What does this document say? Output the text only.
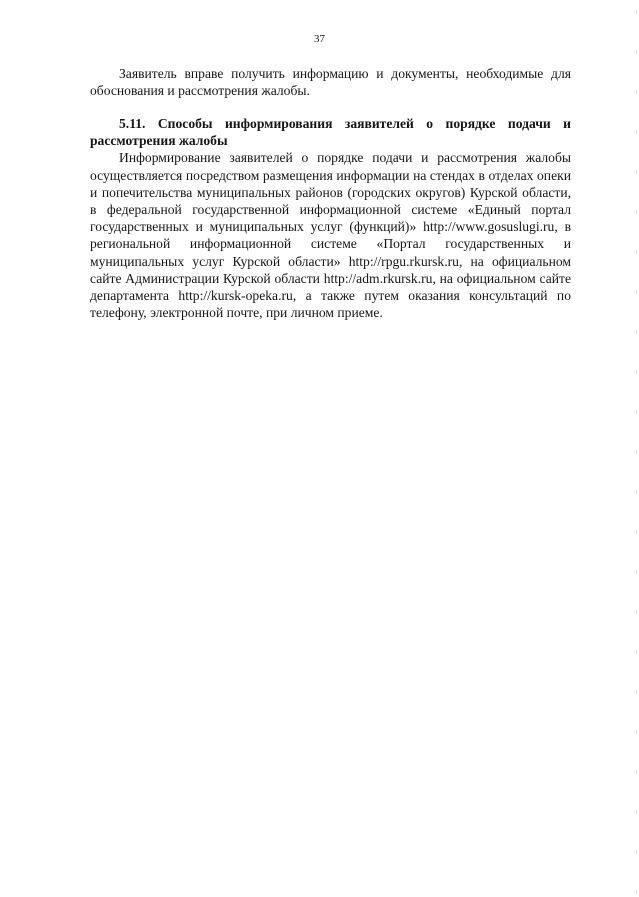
37

Заявитель вправе получить информацию и документы, необходимые для обоснования и рассмотрения жалобы.

5.11. Способы информирования заявителей о порядке подачи и рассмотрения жалобы

Информирование заявителей о порядке подачи и рассмотрения жалобы осуществляется посредством размещения информации на стендах в отделах опеки и попечительства муниципальных районов (городских округов) Курской области, в федеральной государственной информационной системе «Единый портал государственных и муниципальных услуг (функций)» http://www.gosuslugi.ru, в региональной информационной системе «Портал государственных и муниципальных услуг Курской области» http://rpgu.rkursk.ru, на официальном сайте Администрации Курской области http://adm.rkursk.ru, на официальном сайте департамента http://kursk-opeka.ru, а также путем оказания консультаций по телефону, электронной почте, при личном приеме.
